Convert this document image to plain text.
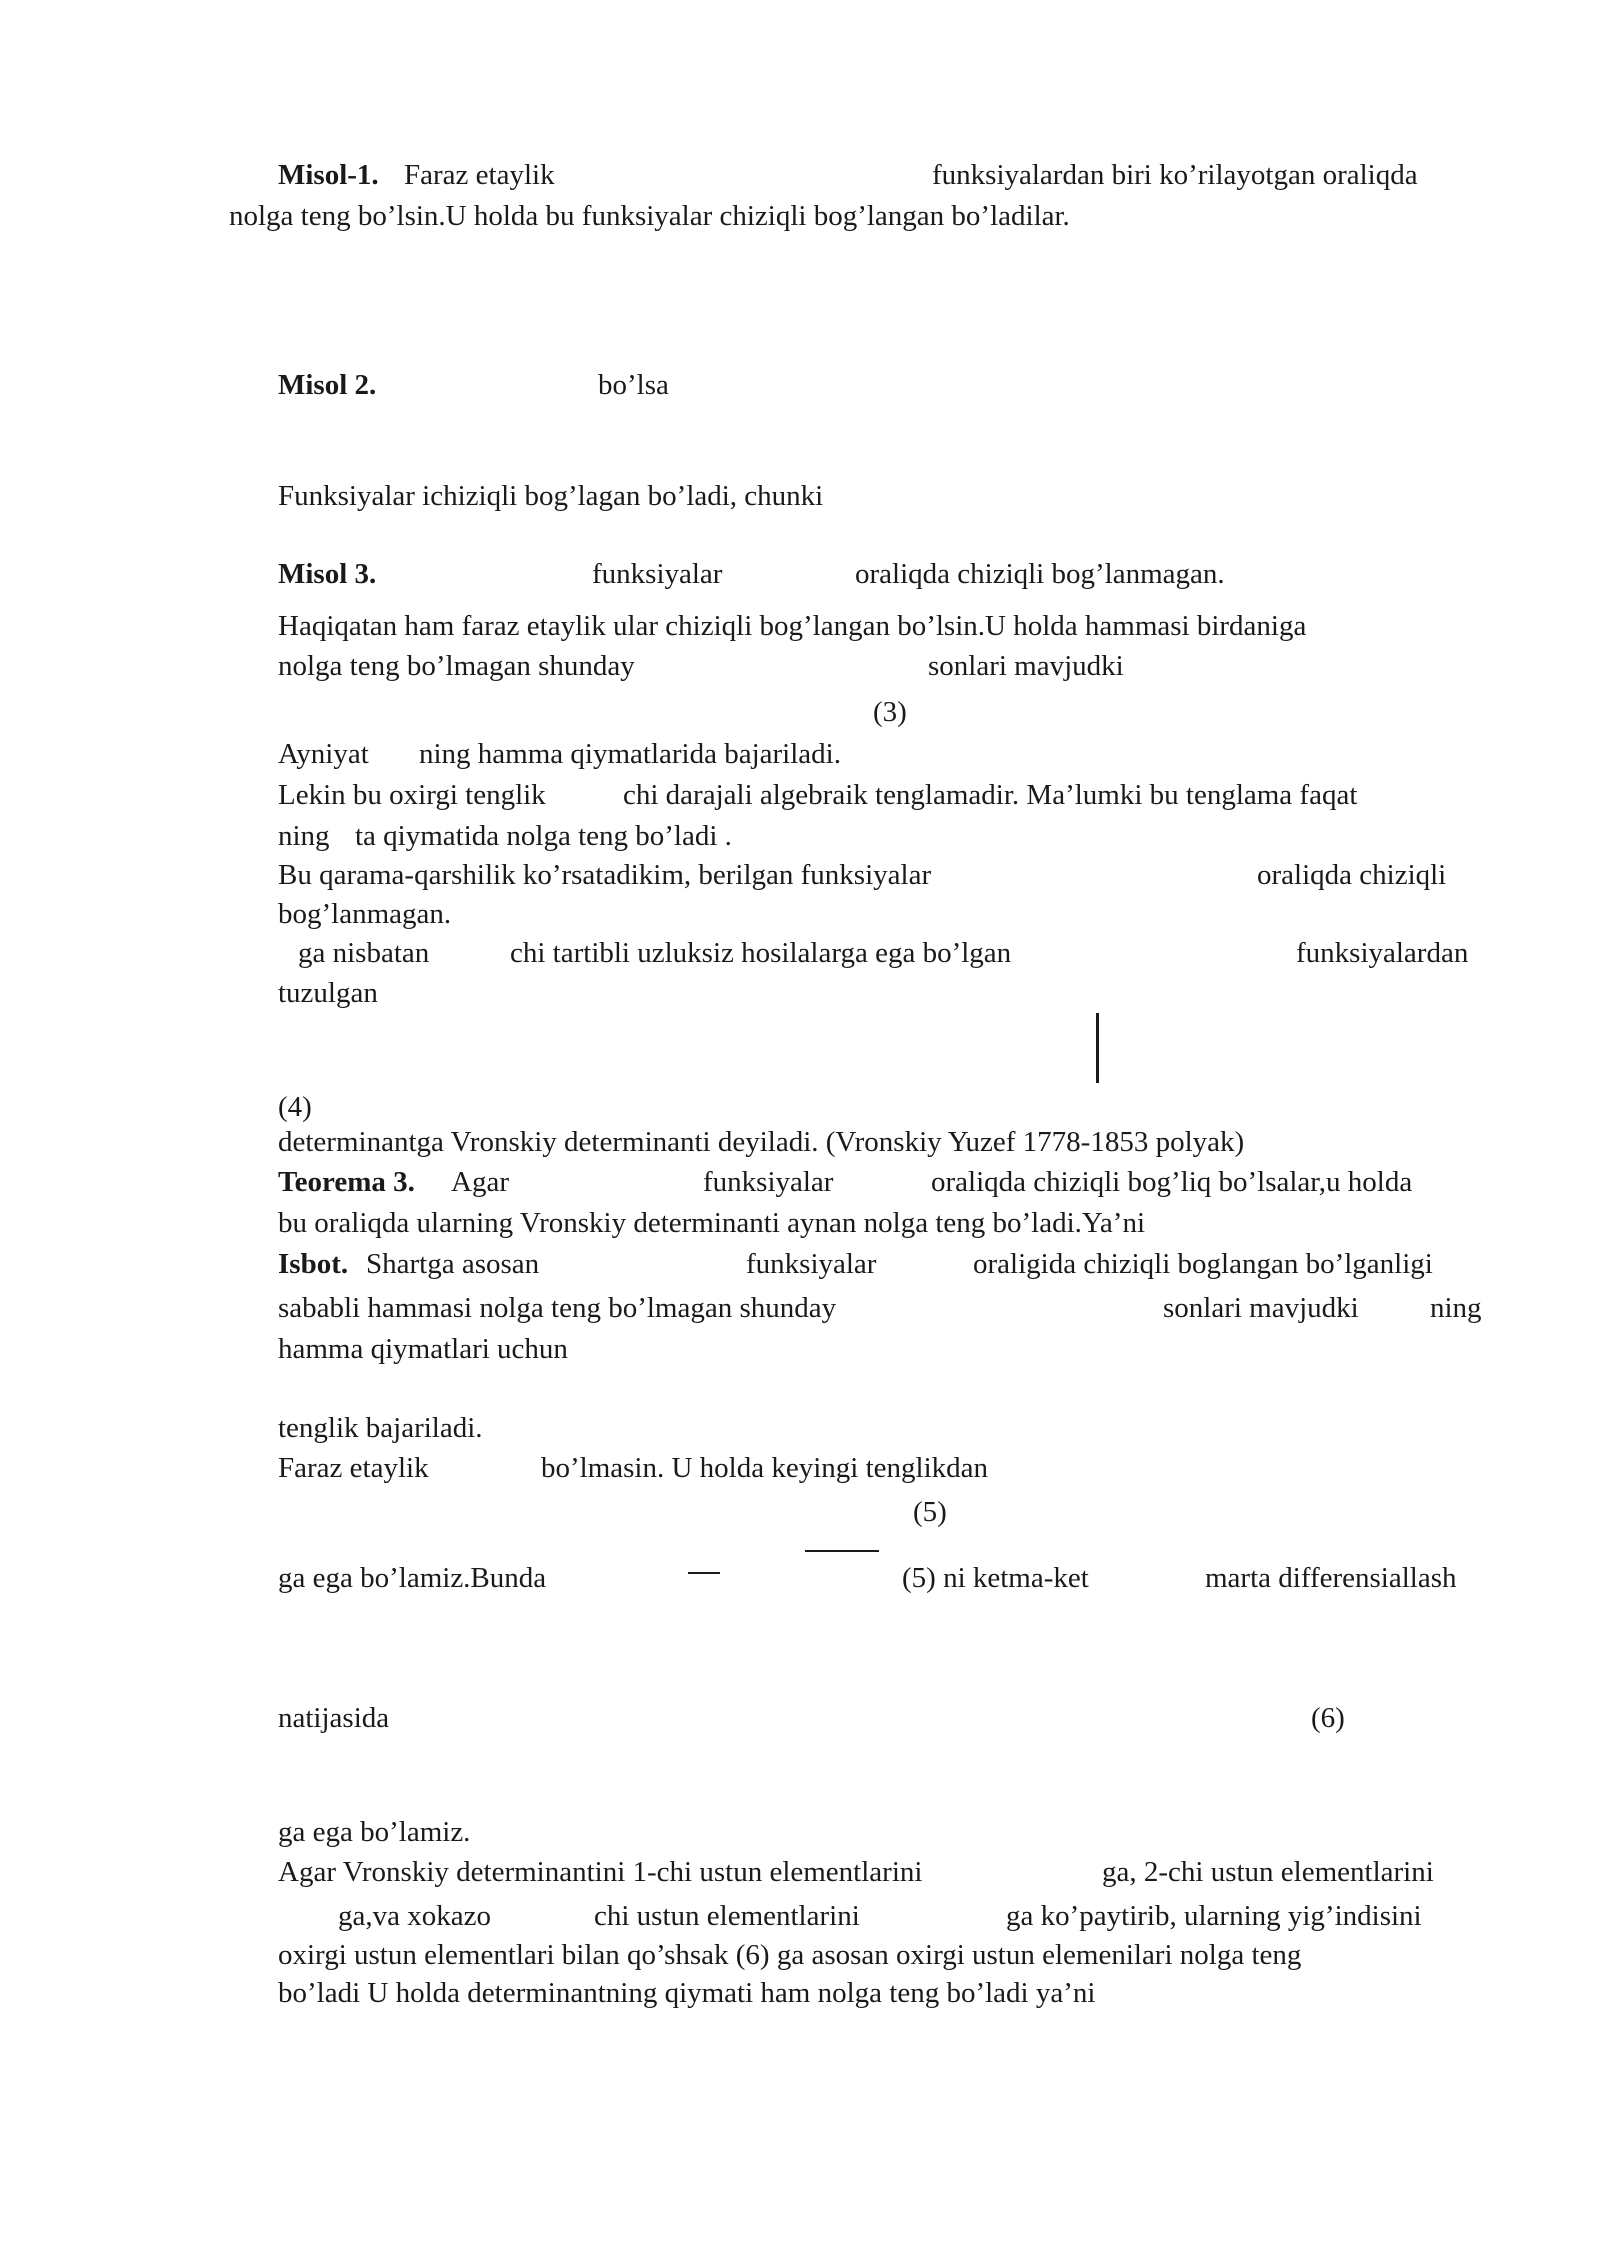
Misol-1. Faraz etaylik	funksiyalardan biri ko’rilayotgan oraliqda
nolga teng bo’lsin.U holda bu funksiyalar chiziqli bog’langan bo’ladilar.
Misol 2.	bo’lsa
Funksiyalar ichiziqli bog’lagan bo’ladi, chunki
Misol 3.	funksiyalar	oraliqda chiziqli bog’lanmagan.
Haqiqatan ham faraz etaylik ular chiziqli bog’langan bo’lsin.U holda hammasi birdaniga
nolga teng bo’lmagan shunday	sonlari mavjudki
(3)
Ayniyat ning hamma qiymatlarida bajariladi.
Lekin bu oxirgi tenglik	chi darajali algebraik tenglamadir. Ma’lumki bu tenglama faqat
ning ta qiymatida nolga teng bo’ladi .
Bu qarama-qarshilik ko’rsatadikim, berilgan funksiyalar	oraliqda chiziqli
bog’lanmagan.
ga nisbatan	chi tartibli uzluksiz hosilalarga ega bo’lgan	funksiyalardan
tuzulgan
(4)
determinantga Vronskiy determinanti deyiladi. (Vronskiy Yuzef 1778-1853 polyak)
Teorema 3. Agar	funksiyalar	oraliqda chiziqli bog’liq bo’lsalar,u holda
bu oraliqda ularning Vronskiy determinanti aynan nolga teng bo’ladi.Ya’ni
Isbot. Shartga asosan	funksiyalar	oraligida chiziqli boglangan bo’lganligi
sababli hammasi nolga teng bo’lmagan shunday	sonlari mavjudki ning
hamma qiymatlari uchun
tenglik bajariladi.
Faraz etaylik	bo’lmasin. U holda keyingi tenglikdan
(5)
ga ega bo’lamiz.Bunda	(5) ni ketma-ket	marta differensiallash
natijasida	(6)
ga ega bo’lamiz.
Agar Vronskiy determinantini 1-chi ustun elementlarini	ga, 2-chi ustun elementlarini
ga,va xokazo	chi ustun elementlarini	ga ko’paytirib, ularning yig’indisini
oxirgi ustun elementlari bilan qo’shsak (6) ga asosan oxirgi ustun elemenilari nolga teng
bo’ladi U holda determinantning qiymati ham nolga teng bo’ladi ya’ni
